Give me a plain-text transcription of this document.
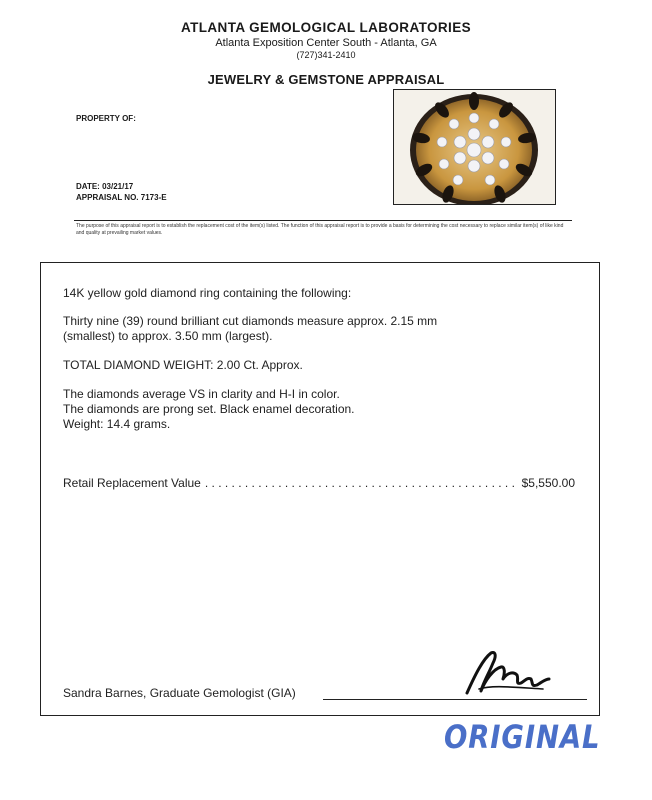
ATLANTA GEMOLOGICAL LABORATORIES
Atlanta Exposition Center South - Atlanta, GA
(727)341-2410
JEWELRY & GEMSTONE APPRAISAL
PROPERTY OF:
DATE: 03/21/17
APPRAISAL NO. 7173-E
The purpose of this appraisal report is to establish the replacement cost of the item(s) listed. The function of this appraisal report is to provide a basis for determining the cost necessary to replace similar item(s) of like kind and quality at prevailing market values.
14K yellow gold diamond ring containing the following:
Thirty nine (39) round brilliant cut diamonds measure approx. 2.15 mm
(smallest) to approx. 3.50 mm (largest).
TOTAL DIAMOND WEIGHT: 2.00 Ct. Approx.
The diamonds average VS in clarity and H-I in color.
The diamonds are prong set. Black enamel decoration.
Weight: 14.4 grams.
Retail Replacement Value
. . .	$5,550.00
Sandra Barnes, Graduate Gemologist (GIA)
ORIGINAL
